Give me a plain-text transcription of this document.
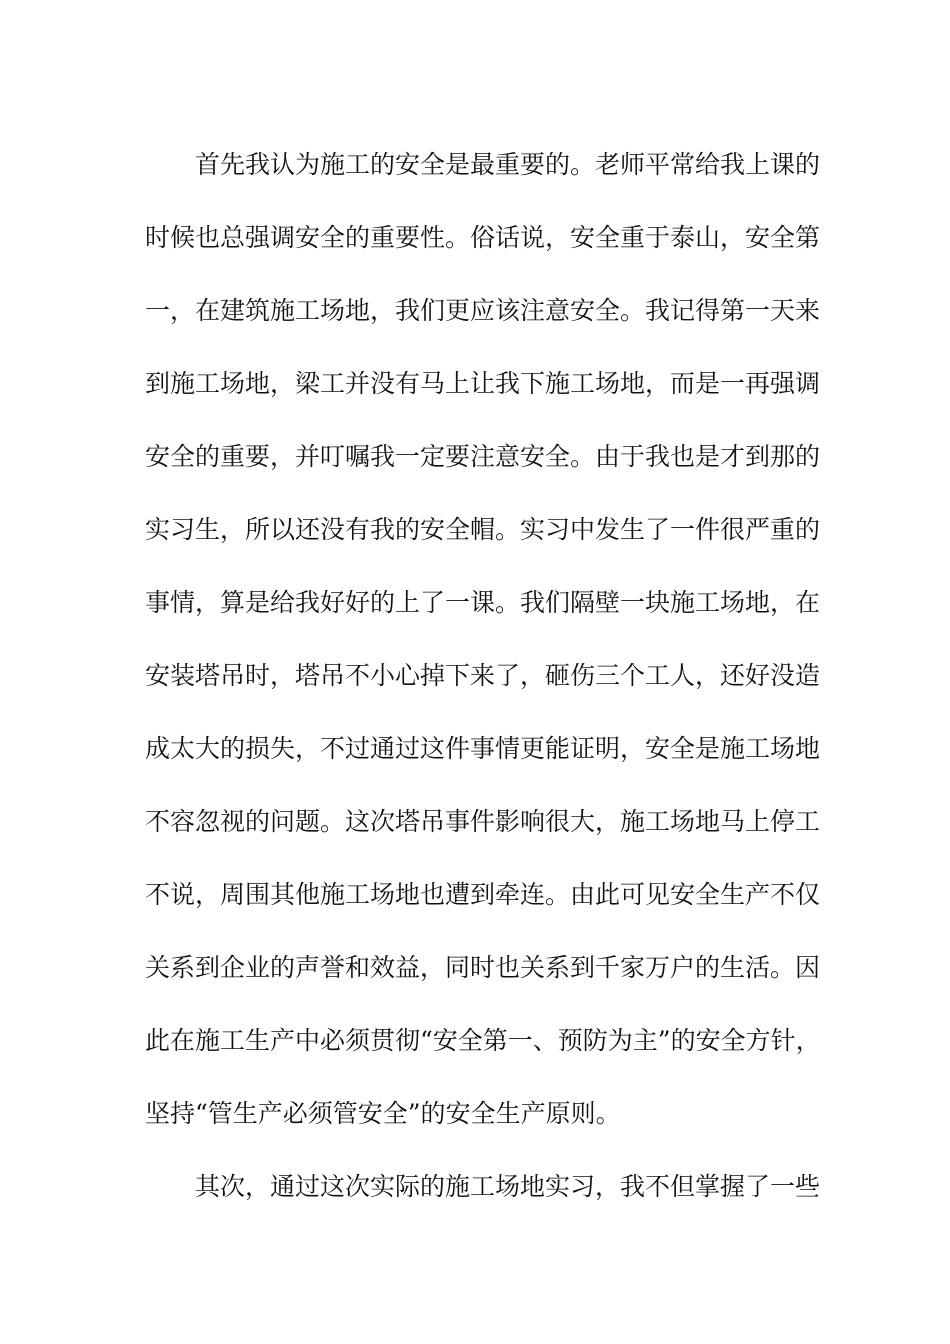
首先我认为施工的安全是最重要的。老师平常给我上课的
时候也总强调安全的重要性。俗话说，安全重于泰山，安全第
一，在建筑施工场地，我们更应该注意安全。我记得第一天来
到施工场地，梁工并没有马上让我下施工场地，而是一再强调
安全的重要，并叮嘱我一定要注意安全。由于我也是才到那的
实习生，所以还没有我的安全帽。实习中发生了一件很严重的
事情，算是给我好好的上了一课。我们隔壁一块施工场地，在
安装塔吊时，塔吊不小心掉下来了，砸伤三个工人，还好没造
成太大的损失，不过通过这件事情更能证明，安全是施工场地
不容忽视的问题。这次塔吊事件影响很大，施工场地马上停工
不说，周围其他施工场地也遭到牵连。由此可见安全生产不仅
关系到企业的声誉和效益，同时也关系到千家万户的生活。因
此在施工生产中必须贯彻“安全第一、预防为主”的安全方针，
坚持“管生产必须管安全”的安全生产原则。
其次，通过这次实际的施工场地实习，我不但掌握了一些
